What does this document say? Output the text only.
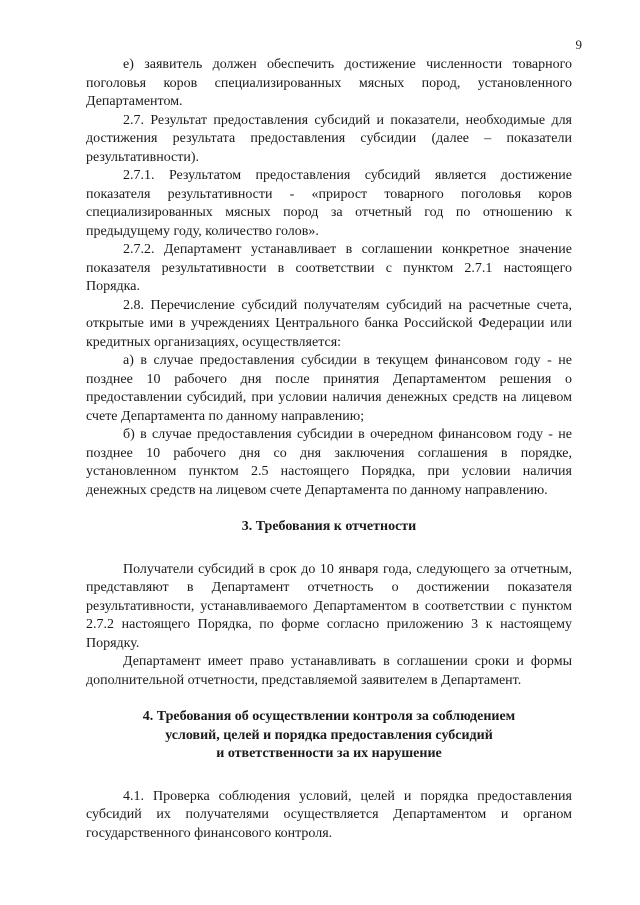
9

е) заявитель должен обеспечить достижение численности товарного поголовья коров специализированных мясных пород, установленного Департаментом.

2.7. Результат предоставления субсидий и показатели, необходимые для достижения результата предоставления субсидии (далее – показатели результативности).

2.7.1. Результатом предоставления субсидий является достижение показателя результативности - «прирост товарного поголовья коров специализированных мясных пород за отчетный год по отношению к предыдущему году, количество голов».

2.7.2. Департамент устанавливает в соглашении конкретное значение показателя результативности в соответствии с пунктом 2.7.1 настоящего Порядка.

2.8. Перечисление субсидий получателям субсидий на расчетные счета, открытые ими в учреждениях Центрального банка Российской Федерации или кредитных организациях, осуществляется:

а) в случае предоставления субсидии в текущем финансовом году - не позднее 10 рабочего дня после принятия Департаментом решения о предоставлении субсидий, при условии наличия денежных средств на лицевом счете Департамента по данному направлению;

б) в случае предоставления субсидии в очередном финансовом году - не позднее 10 рабочего дня со дня заключения соглашения в порядке, установленном пунктом 2.5 настоящего Порядка, при условии наличия денежных средств на лицевом счете Департамента по данному направлению.

3. Требования к отчетности

Получатели субсидий в срок до 10 января года, следующего за отчетным, представляют в Департамент отчетность о достижении показателя результативности, устанавливаемого Департаментом в соответствии с пунктом 2.7.2 настоящего Порядка, по форме согласно приложению 3 к настоящему Порядку.

Департамент имеет право устанавливать в соглашении сроки и формы дополнительной отчетности, представляемой заявителем в Департамент.

4. Требования об осуществлении контроля за соблюдением
условий, целей и порядка предоставления субсидий
и ответственности за их нарушение

4.1. Проверка соблюдения условий, целей и порядка предоставления субсидий их получателями осуществляется Департаментом и органом государственного финансового контроля.
